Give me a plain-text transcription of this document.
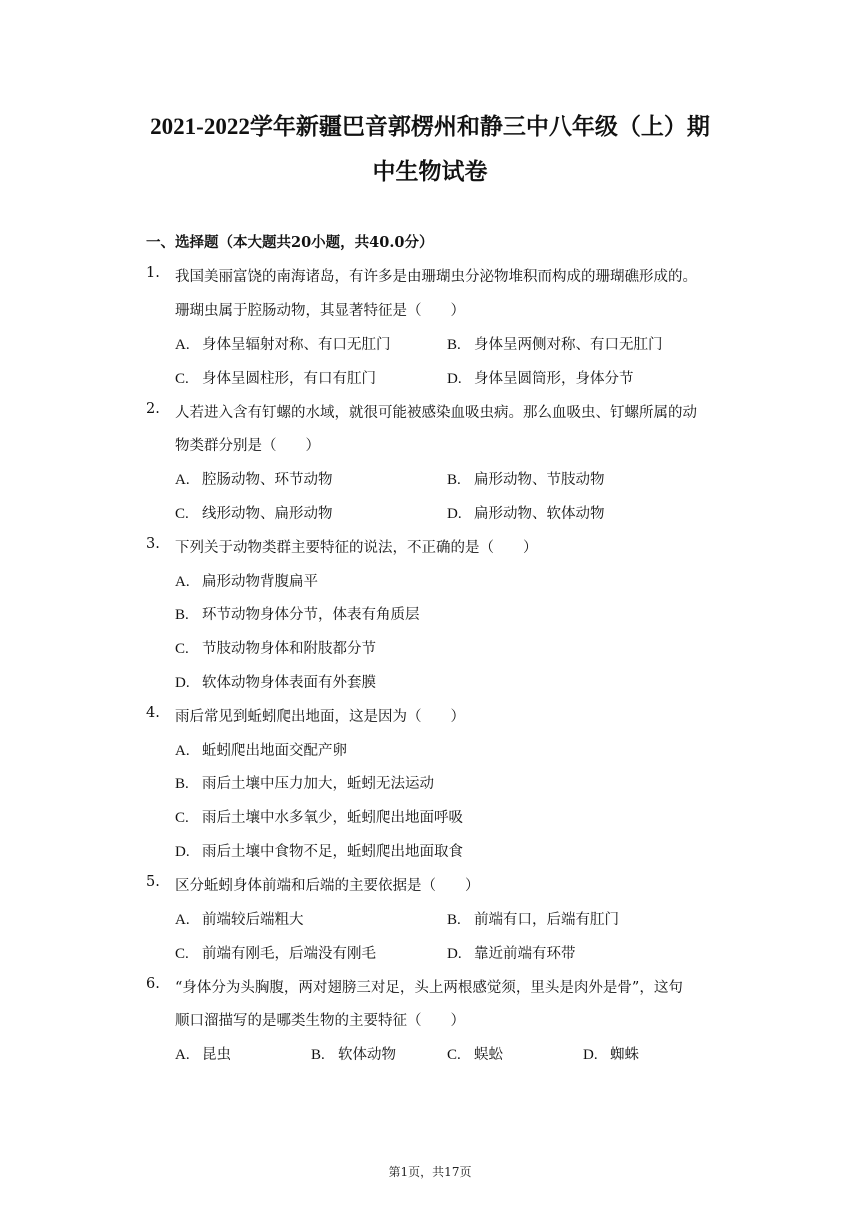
2021-2022学年新疆巴音郭楞州和静三中八年级（上）期
中生物试卷
一、选择题（本大题共20小题，共40.0分）
1. 我国美丽富饶的南海诸岛，有许多是由珊瑚虫分泌物堆积而构成的珊瑚礁形成的。
珊瑚虫属于腔肠动物，其显著特征是（　　）
A. 身体呈辐射对称、有口无肛门	B. 身体呈两侧对称、有口无肛门
C. 身体呈圆柱形，有口有肛门	D. 身体呈圆筒形，身体分节
2. 人若进入含有钉螺的水域，就很可能被感染血吸虫病。那么血吸虫、钉螺所属的动
物类群分别是（　　）
A. 腔肠动物、环节动物	B. 扁形动物、节肢动物
C. 线形动物、扁形动物	D. 扁形动物、软体动物
3. 下列关于动物类群主要特征的说法，不正确的是（　　）
A. 扁形动物背腹扁平
B. 环节动物身体分节，体表有角质层
C. 节肢动物身体和附肢都分节
D. 软体动物身体表面有外套膜
4. 雨后常见到蚯蚓爬出地面，这是因为（　　）
A. 蚯蚓爬出地面交配产卵
B. 雨后土壤中压力加大，蚯蚓无法运动
C. 雨后土壤中水多氧少，蚯蚓爬出地面呼吸
D. 雨后土壤中食物不足，蚯蚓爬出地面取食
5. 区分蚯蚓身体前端和后端的主要依据是（　　）
A. 前端较后端粗大	B. 前端有口，后端有肛门
C. 前端有刚毛，后端没有刚毛	D. 靠近前端有环带
6. “身体分为头胸腹，两对翅膀三对足，头上两根感觉须，里头是肉外是骨”，这句
顺口溜描写的是哪类生物的主要特征（　　）
A. 昆虫	B. 软体动物	C. 蜈蚣	D. 蜘蛛
第1页，共17页
